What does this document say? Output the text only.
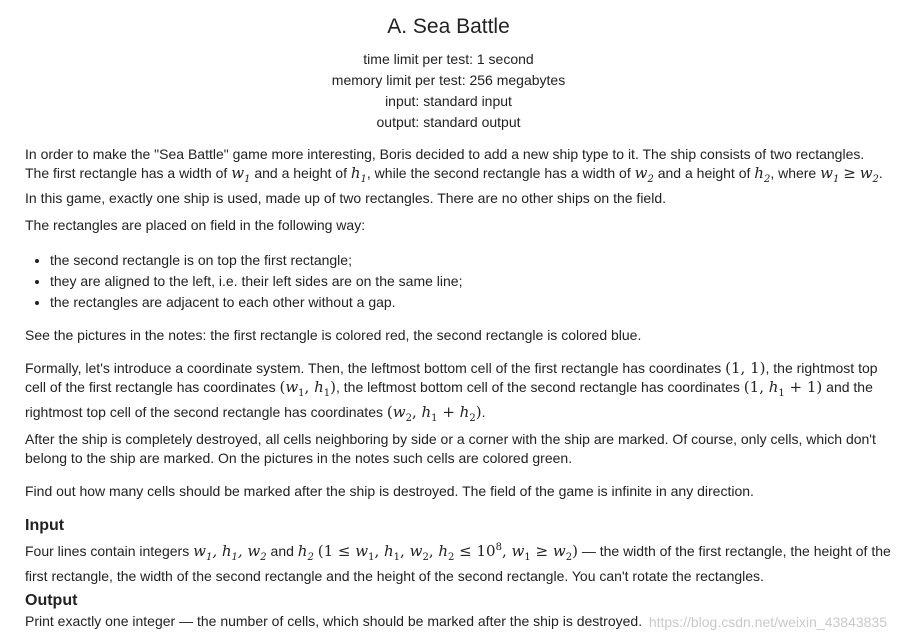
A. Sea Battle
time limit per test: 1 second
memory limit per test: 256 megabytes
input: standard input
output: standard output
In order to make the "Sea Battle" game more interesting, Boris decided to add a new ship type to it. The ship consists of two rectangles.
The first rectangle has a width of $w_1$ and a height of $h_1$, while the second rectangle has a width of $w_2$ and a height of $h_2$, where $w_1 \ge w_2$.
In this game, exactly one ship is used, made up of two rectangles. There are no other ships on the field.
The rectangles are placed on field in the following way:
• the second rectangle is on top the first rectangle;
• they are aligned to the left, i.e. their left sides are on the same line;
• the rectangles are adjacent to each other without a gap.
See the pictures in the notes: the first rectangle is colored red, the second rectangle is colored blue.
Formally, let's introduce a coordinate system. Then, the leftmost bottom cell of the first rectangle has coordinates (1, 1), the rightmost top
cell of the first rectangle has coordinates ($w_1$, $h_1$), the leftmost bottom cell of the second rectangle has coordinates (1, $h_1 + 1$) and the
rightmost top cell of the second rectangle has coordinates ($w_2$, $h_1 + h_2$).
After the ship is completely destroyed, all cells neighboring by side or a corner with the ship are marked. Of course, only cells, which don't belong to the ship are marked. On the pictures in the notes such cells are colored green.
Find out how many cells should be marked after the ship is destroyed. The field of the game is infinite in any direction.
Input
Four lines contain integers $w_1$, $h_1$, $w_2$ and $h_2$ ($1 \le w_1$, $h_1$, $w_2$, $h_2 \le 10^8$, $w_1 \ge w_2$) — the width of the first rectangle, the height of the
first rectangle, the width of the second rectangle and the height of the second rectangle. You can't rotate the rectangles.
Output
Print exactly one integer — the number of cells, which should be marked after the ship is destroyed. https://blog.csdn.net/weixin_43843835
